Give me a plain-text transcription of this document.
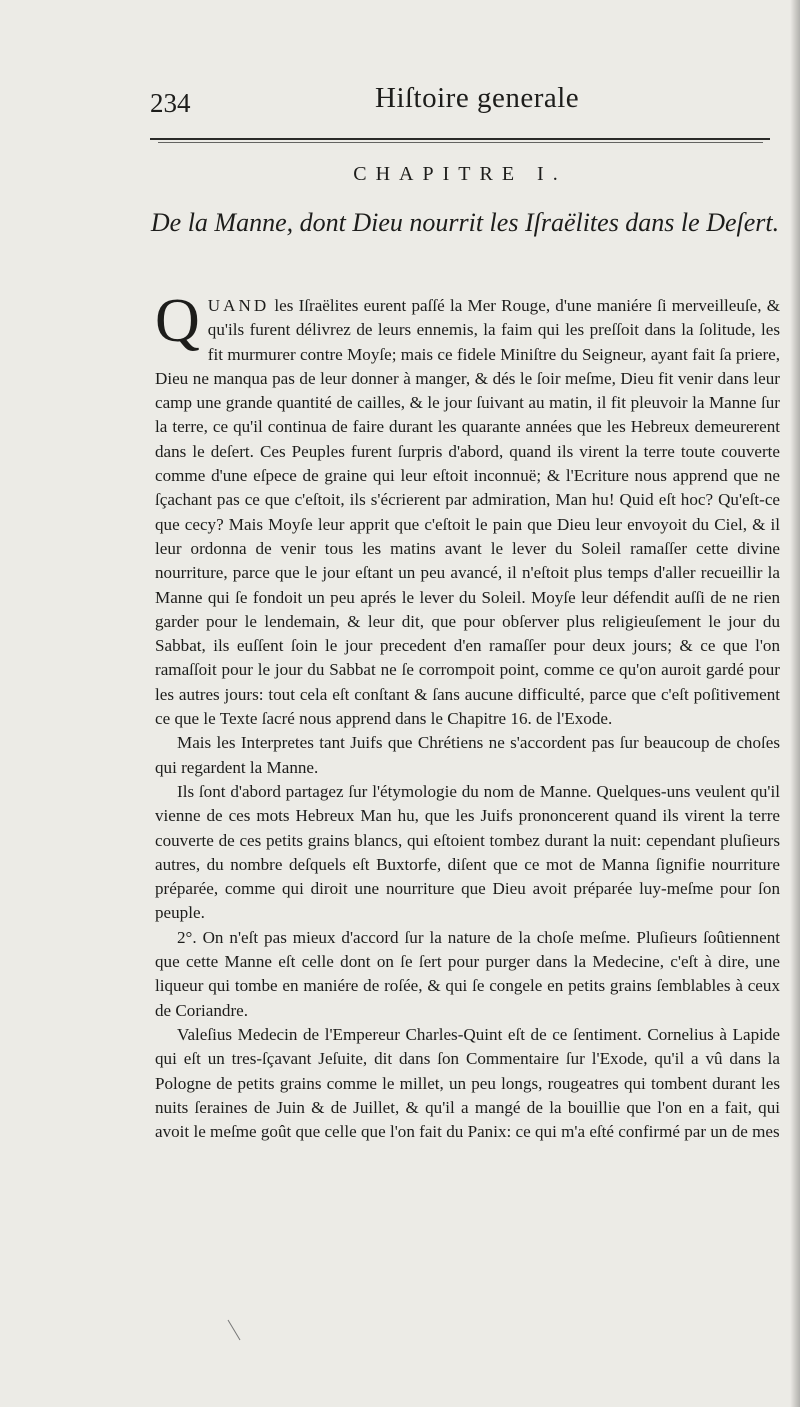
234	Hiſtoire generale
CHAPITRE I.
De la Manne, dont Dieu nourrit les Iſraëlites dans le Deſert.

QUAND les Iſraëlites eurent paſſé la Mer Rouge, d'une maniére ſi merveilleuſe, & qu'ils furent délivrez de leurs ennemis, la faim qui les preſſoit dans la ſolitude, les fit murmurer contre Moyſe; mais ce fidele Miniſtre du Seigneur, ayant fait ſa priere, Dieu ne manqua pas de leur donner à manger, & dés le ſoir meſme, Dieu fit venir dans leur camp une grande quantité de cailles, & le jour ſuivant au matin, il fit pleuvoir la Manne ſur la terre, ce qu'il continua de faire durant les quarante années que les Hebreux demeurerent dans le deſert. Ces Peuples furent ſurpris d'abord, quand ils virent la terre toute couverte comme d'une eſpece de graine qui leur eſtoit inconnuë; & l'Ecriture nous apprend que ne ſçachant pas ce que c'eſtoit, ils s'écrierent par admiration, Man hu! Quid eſt hoc? Qu'eſt-ce que cecy? Mais Moyſe leur apprit que c'eſtoit le pain que Dieu leur envoyoit du Ciel, & il leur ordonna de venir tous les matins avant le lever du Soleil ramaſſer cette divine nourriture, parce que le jour eſtant un peu avancé, il n'eſtoit plus temps d'aller recueillir la Manne qui ſe fondoit un peu aprés le lever du Soleil. Moyſe leur défendit auſſi de ne rien garder pour le lendemain, & leur dit, que pour obſerver plus religieuſement le jour du Sabbat, ils euſſent ſoin le jour precedent d'en ramaſſer pour deux jours; & ce que l'on ramaſſoit pour le jour du Sabbat ne ſe corrompoit point, comme ce qu'on auroit gardé pour les autres jours: tout cela eſt conſtant & ſans aucune difficulté, parce que c'eſt poſitivement ce que le Texte ſacré nous apprend dans le Chapitre 16. de l'Exode.

Mais les Interpretes tant Juifs que Chrétiens ne s'accordent pas ſur beaucoup de choſes qui regardent la Manne.

Ils ſont d'abord partagez ſur l'étymologie du nom de Manne. Quelques-uns veulent qu'il vienne de ces mots Hebreux Man hu, que les Juifs prononcerent quand ils virent la terre couverte de ces petits grains blancs, qui eſtoient tombez durant la nuit: cependant pluſieurs autres, du nombre deſquels eſt Buxtorfe, diſent que ce mot de Manna ſignifie nourriture préparée, comme qui diroit une nourriture que Dieu avoit préparée luy-meſme pour ſon peuple.

2°. On n'eſt pas mieux d'accord ſur la nature de la choſe meſme. Pluſieurs ſoûtiennent que cette Manne eſt celle dont on ſe ſert pour purger dans la Medecine, c'eſt à dire, une liqueur qui tombe en maniére de roſée, & qui ſe congele en petits grains ſemblables à ceux de Coriandre.

Valeſius Medecin de l'Empereur Charles-Quint eſt de ce ſentiment. Cornelius à Lapide qui eſt un tres-ſçavant Jeſuite, dit dans ſon Commentaire ſur l'Exode, qu'il a vû dans la Pologne de petits grains comme le millet, un peu longs, rougeatres qui tombent durant les nuits ſeraines de Juin & de Juillet, & qu'il a mangé de la bouillie que l'on en a fait, qui avoit le meſme goût que celle que l'on fait du Panix: ce qui m'a eſté confirmé par un de mes
